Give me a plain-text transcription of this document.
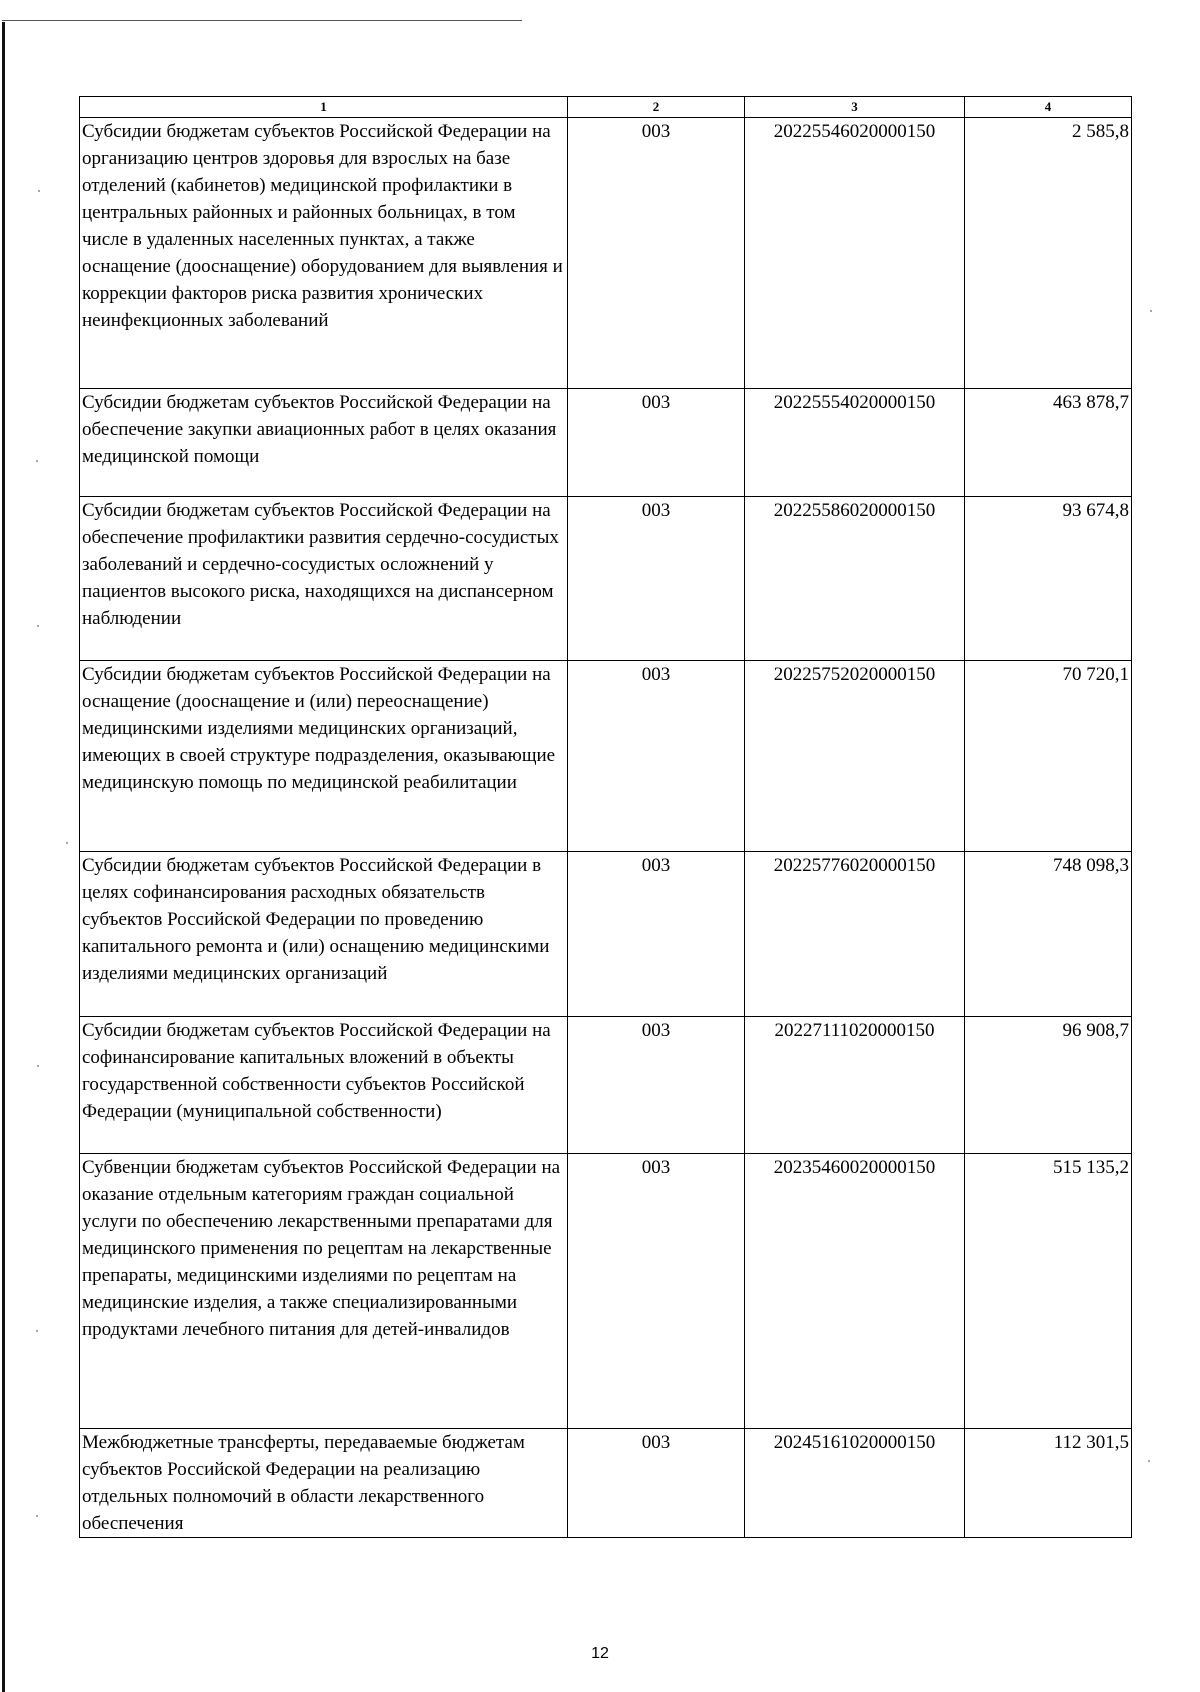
1	2	3	4
Субсидии бюджетам субъектов Российской Федерации на организацию центров здоровья для взрослых на базе отделений (кабинетов) медицинской профилактики в центральных районных и районных больницах, в том числе в удаленных населенных пунктах, а также оснащение (дооснащение) оборудованием для выявления и коррекции факторов риска развития хронических неинфекционных заболеваний	003	20225546020000150	2 585,8
Субсидии бюджетам субъектов Российской Федерации на обеспечение закупки авиационных работ в целях оказания медицинской помощи	003	20225554020000150	463 878,7
Субсидии бюджетам субъектов Российской Федерации на обеспечение профилактики развития сердечно-сосудистых заболеваний и сердечно-сосудистых осложнений у пациентов высокого риска, находящихся на диспансерном наблюдении	003	20225586020000150	93 674,8
Субсидии бюджетам субъектов Российской Федерации на оснащение (дооснащение и (или) переоснащение) медицинскими изделиями медицинских организаций, имеющих в своей структуре подразделения, оказывающие медицинскую помощь по медицинской реабилитации	003	20225752020000150	70 720,1
Субсидии бюджетам субъектов Российской Федерации в целях софинансирования расходных обязательств субъектов Российской Федерации по проведению капитального ремонта и (или) оснащению медицинскими изделиями медицинских организаций	003	20225776020000150	748 098,3
Субсидии бюджетам субъектов Российской Федерации на софинансирование капитальных вложений в объекты государственной собственности субъектов Российской Федерации (муниципальной собственности)	003	20227111020000150	96 908,7
Субвенции бюджетам субъектов Российской Федерации на оказание отдельным категориям граждан социальной услуги по обеспечению лекарственными препаратами для медицинского применения по рецептам на лекарственные препараты, медицинскими изделиями по рецептам на медицинские изделия, а также специализированными продуктами лечебного питания для детей-инвалидов	003	20235460020000150	515 135,2
Межбюджетные трансферты, передаваемые бюджетам субъектов Российской Федерации на реализацию отдельных полномочий в области лекарственного обеспечения	003	20245161020000150	112 301,5
12
